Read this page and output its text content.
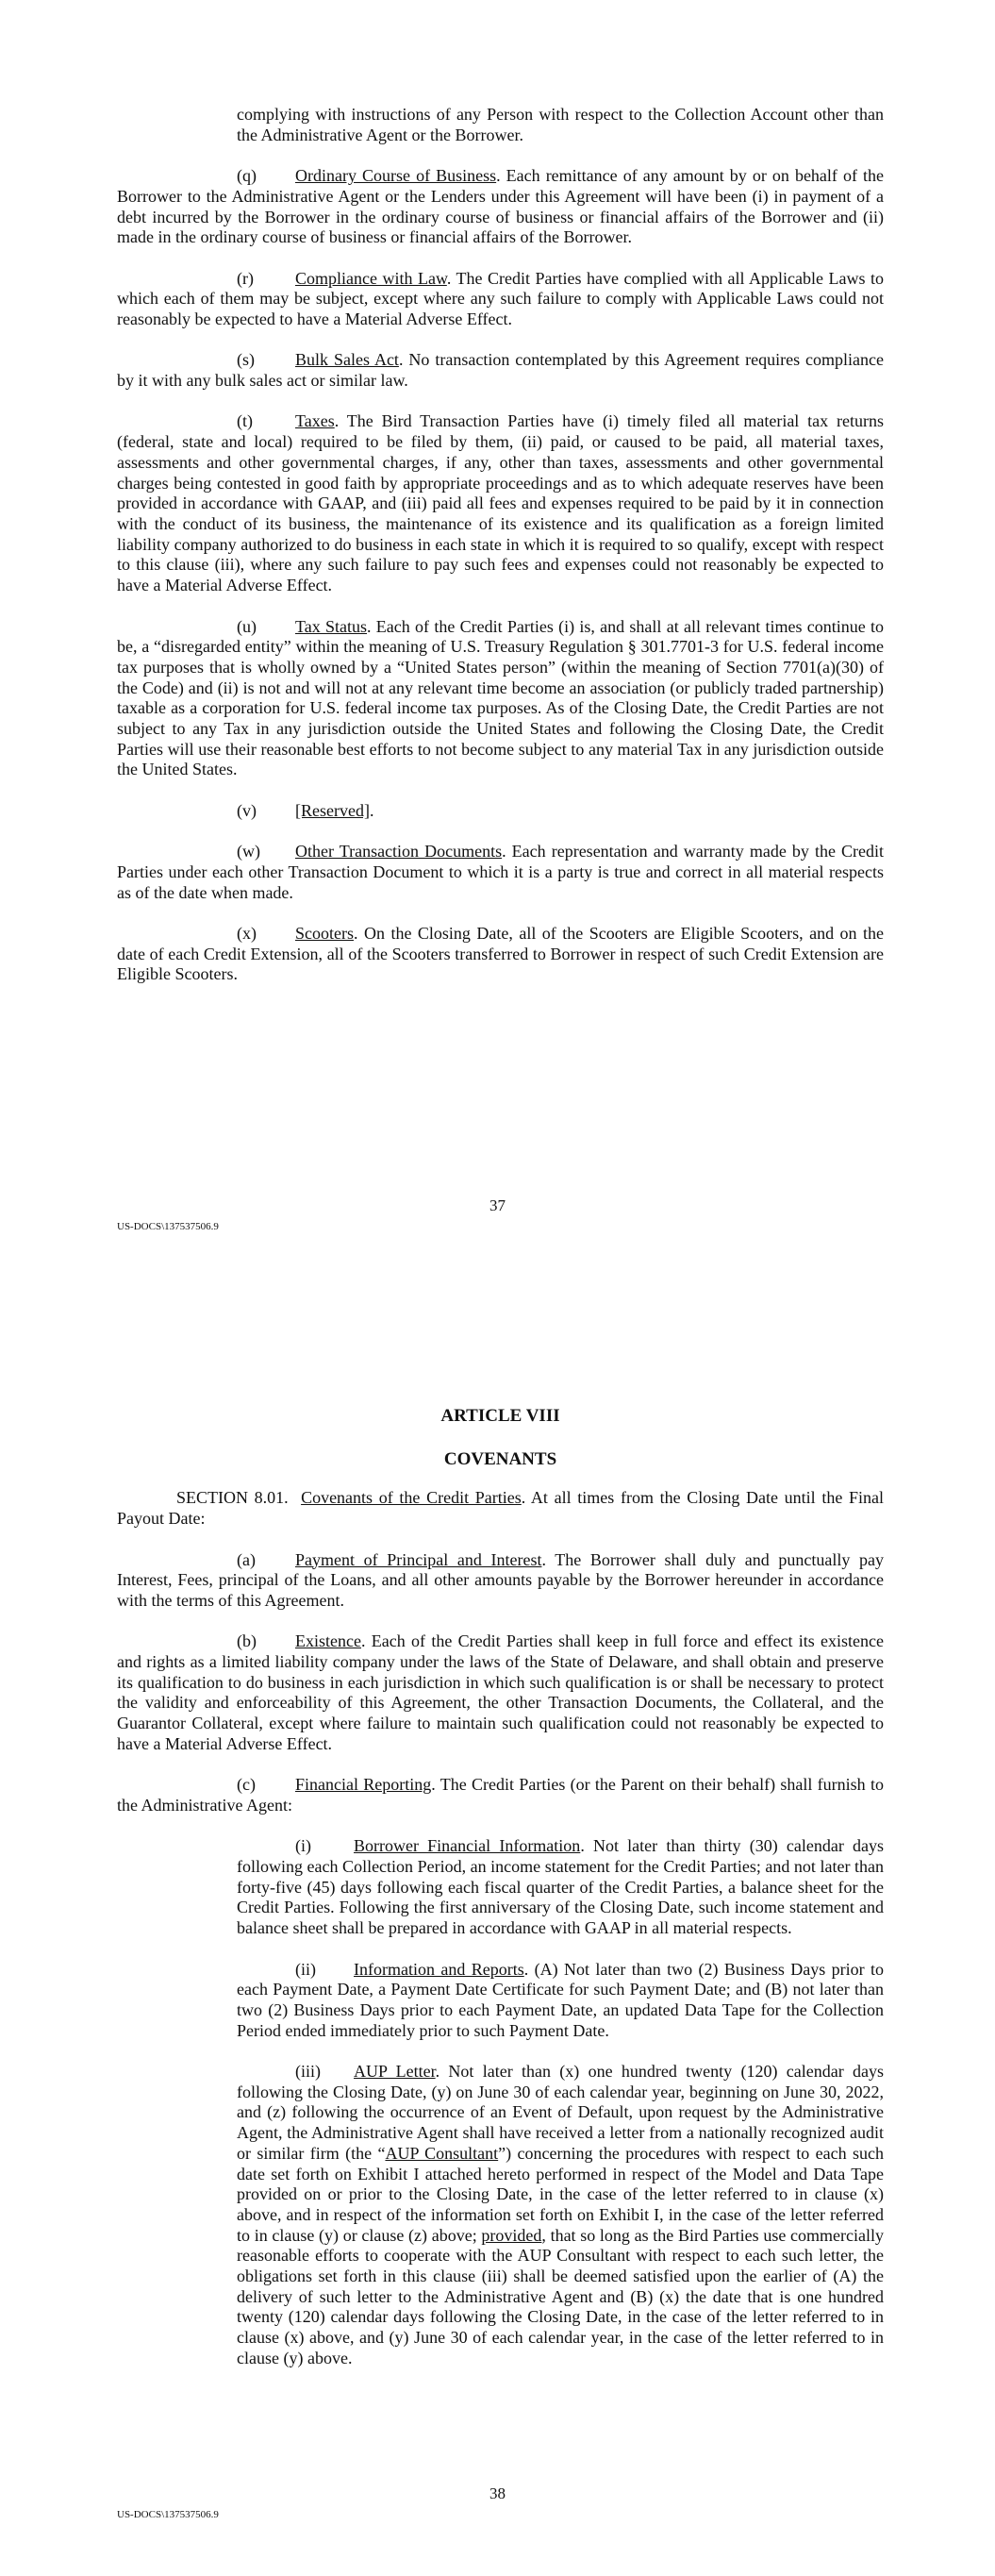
complying with instructions of any Person with respect to the Collection Account other than the Administrative Agent or the Borrower.

(q) Ordinary Course of Business. Each remittance of any amount by or on behalf of the Borrower to the Administrative Agent or the Lenders under this Agreement will have been (i) in payment of a debt incurred by the Borrower in the ordinary course of business or financial affairs of the Borrower and (ii) made in the ordinary course of business or financial affairs of the Borrower.

(r) Compliance with Law. The Credit Parties have complied with all Applicable Laws to which each of them may be subject, except where any such failure to comply with Applicable Laws could not reasonably be expected to have a Material Adverse Effect.

(s) Bulk Sales Act. No transaction contemplated by this Agreement requires compliance by it with any bulk sales act or similar law.

(t)	Taxes. The Bird Transaction Parties have (i) timely filed all material tax returns (federal, state and local) required to be filed by them, (ii) paid, or caused to be paid, all material taxes, assessments and other governmental charges, if any, other than taxes, assessments and other governmental charges being contested in good faith by appropriate proceedings and as to which adequate reserves have been provided in accordance with GAAP, and (iii) paid all fees and expenses required to be paid by it in connection with the conduct of its business, the maintenance of its existence and its qualification as a foreign limited liability company authorized to do business in each state in which it is required to so qualify, except with respect to this clause (iii), where any such failure to pay such fees and expenses could not reasonably be expected to have a Material Adverse Effect.

(u) Tax Status. Each of the Credit Parties (i) is, and shall at all relevant times continue to be, a “disregarded entity” within the meaning of U.S. Treasury Regulation § 301.7701-3 for U.S. federal income tax purposes that is wholly owned by a “United States person” (within the meaning of Section 7701(a)(30) of the Code) and (ii) is not and will not at any relevant time become an association (or publicly traded partnership) taxable as a corporation for U.S. federal income tax purposes. As of the Closing Date, the Credit Parties are not subject to any Tax in any jurisdiction outside the United States and following the Closing Date, the Credit Parties will use their reasonable best efforts to not become subject to any material Tax in any jurisdiction outside the United States.

(v) [Reserved].

(w) Other Transaction Documents. Each representation and warranty made by the Credit Parties under each other Transaction Document to which it is a party is true and correct in all material respects as of the date when made.

(x) Scooters. On the Closing Date, all of the Scooters are Eligible Scooters, and on the date of each Credit Extension, all of the Scooters transferred to Borrower in respect of such Credit Extension are Eligible Scooters.

37
US-DOCS\137537506.9

ARTICLE VIII

COVENANTS

SECTION 8.01. Covenants of the Credit Parties. At all times from the Closing Date until the Final Payout Date:

(a) Payment of Principal and Interest. The Borrower shall duly and punctually pay Interest, Fees, principal of the Loans, and all other amounts payable by the Borrower hereunder in accordance with the terms of this Agreement.

(b) Existence. Each of the Credit Parties shall keep in full force and effect its existence and rights as a limited liability company under the laws of the State of Delaware, and shall obtain and preserve its qualification to do business in each jurisdiction in which such qualification is or shall be necessary to protect the validity and enforceability of this Agreement, the other Transaction Documents, the Collateral, and the Guarantor Collateral, except where failure to maintain such qualification could not reasonably be expected to have a Material Adverse Effect.

(c) Financial Reporting. The Credit Parties (or the Parent on their behalf) shall furnish to the Administrative Agent:

(i)	Borrower Financial Information. Not later than thirty (30) calendar days following each Collection Period, an income statement for the Credit Parties; and not later than forty-five (45) days following each fiscal quarter of the Credit Parties, a balance sheet for the Credit Parties. Following the first anniversary of the Closing Date, such income statement and balance sheet shall be prepared in accordance with GAAP in all material respects.

(ii) Information and Reports. (A) Not later than two (2) Business Days prior to each Payment Date, a Payment Date Certificate for such Payment Date; and (B) not later than two (2) Business Days prior to each Payment Date, an updated Data Tape for the Collection Period ended immediately prior to such Payment Date.

(iii) AUP Letter. Not later than (x) one hundred twenty (120) calendar days following the Closing Date, (y) on June 30 of each calendar year, beginning on June 30, 2022, and (z) following the occurrence of an Event of Default, upon request by the Administrative Agent, the Administrative Agent shall have received a letter from a nationally recognized audit or similar firm (the “AUP Consultant”) concerning the procedures with respect to each such date set forth on Exhibit I attached hereto performed in respect of the Model and Data Tape provided on or prior to the Closing Date, in the case of the letter referred to in clause (x) above, and in respect of the information set forth on Exhibit I, in the case of the letter referred to in clause (y) or clause (z) above; provided, that so long as the Bird Parties use commercially reasonable efforts to cooperate with the AUP Consultant with respect to each such letter, the obligations set forth in this clause (iii) shall be deemed satisfied upon the earlier of (A) the delivery of such letter to the Administrative Agent and (B) (x) the date that is one hundred twenty (120) calendar days following the Closing Date, in the case of the letter referred to in clause (x) above, and (y) June 30 of each calendar year, in the case of the letter referred to in clause (y) above.

38
US-DOCS\137537506.9
